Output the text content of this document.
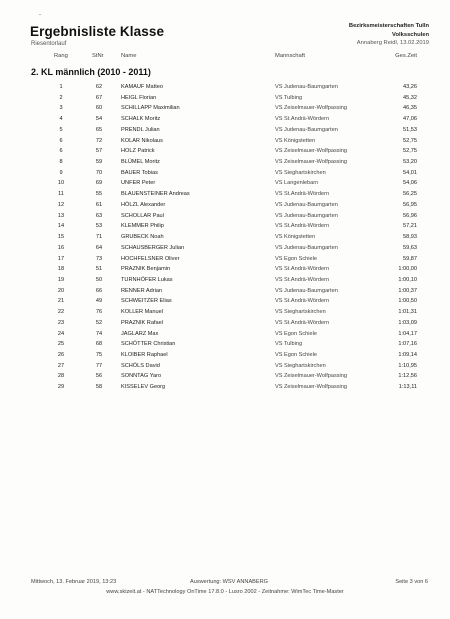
Ergebnisliste Klasse
Riesentorlauf
Bezirksmeisterschaften Tulln
Volksschulen
Annaberg Reidl, 13.02.2019
Rang	StNr	Name	Mannschaft	Ges.Zeit
2. KL männlich (2010 - 2011)
1	62	KAMAUF Matteo	VS Judenau-Baumgarten	43,26
2	67	HEIGL Florian	VS Tulbing	45,32
3	60	SCHILLAPP Maximilian	VS Zeiselmauer-Wolfpassing	46,35
4	54	SCHALK Moritz	VS St.Andrä-Wördern	47,06
5	65	PRENDL Julian	VS Judenau-Baumgarten	51,53
6	72	KOLAR Nikolaus	VS Königstetten	52,75
6	57	HOLZ Patrick	VS Zeiselmauer-Wolfpassing	52,75
8	59	BLÜMEL Moritz	VS Zeiselmauer-Wolfpassing	53,20
9	70	BAUER Tobias	VS Sieghartskirchen	54,01
10	69	UNFER Peter	VS Langenlebarn	54,06
11	55	BLAUENSTEINER Andreas	VS St.Andrä-Wördern	56,25
12	61	HÖLZL Alexander	VS Judenau-Baumgarten	56,95
13	63	SCHOLLAR Paul	VS Judenau-Baumgarten	56,96
14	53	KLEMMER Philip	VS St.Andrä-Wördern	57,21
15	71	GRUBECK Noah	VS Königstetten	58,93
16	64	SCHAUSBERGER Julian	VS Judenau-Baumgarten	59,63
17	73	HOCHFELSNER Oliver	VS Egon Schiele	59,87
18	51	PRAZNIK Benjamin	VS St.Andrä-Wördern	1:00,00
19	50	TURNHÖFER Lukas	VS St.Andrä-Wördern	1:00,10
20	66	RENNER Adrian	VS Judenau-Baumgarten	1:00,37
21	49	SCHWEITZER Elias	VS St.Andrä-Wördern	1:00,50
22	76	KOLLER Manuel	VS Sieghartskirchen	1:01,31
23	52	PRAZNIK Rafael	VS St.Andrä-Wördern	1:03,09
24	74	JAGLARZ Max	VS Egon Schiele	1:04,17
25	68	SCHÖTTER Christian	VS Tulbing	1:07,16
26	75	KLOIBER Raphael	VS Egon Schiele	1:09,14
27	77	SCHÖLS David	VS Sieghartskirchen	1:10,95
28	56	SONNTAG Yaro	VS Zeiselmauer-Wolfpassing	1:12,56
29	58	KISSELEV Georg	VS Zeiselmauer-Wolfpassing	1:13,11
Mittwoch, 13. Februar 2019, 13:23	Auswertung: WSV ANNABERG	Seite 3 von 6
www.skizeit.at - NATTechnology OnTime 17.8.0 - Lusro 2002 - Zeitnahme: WimTec Time-Master
